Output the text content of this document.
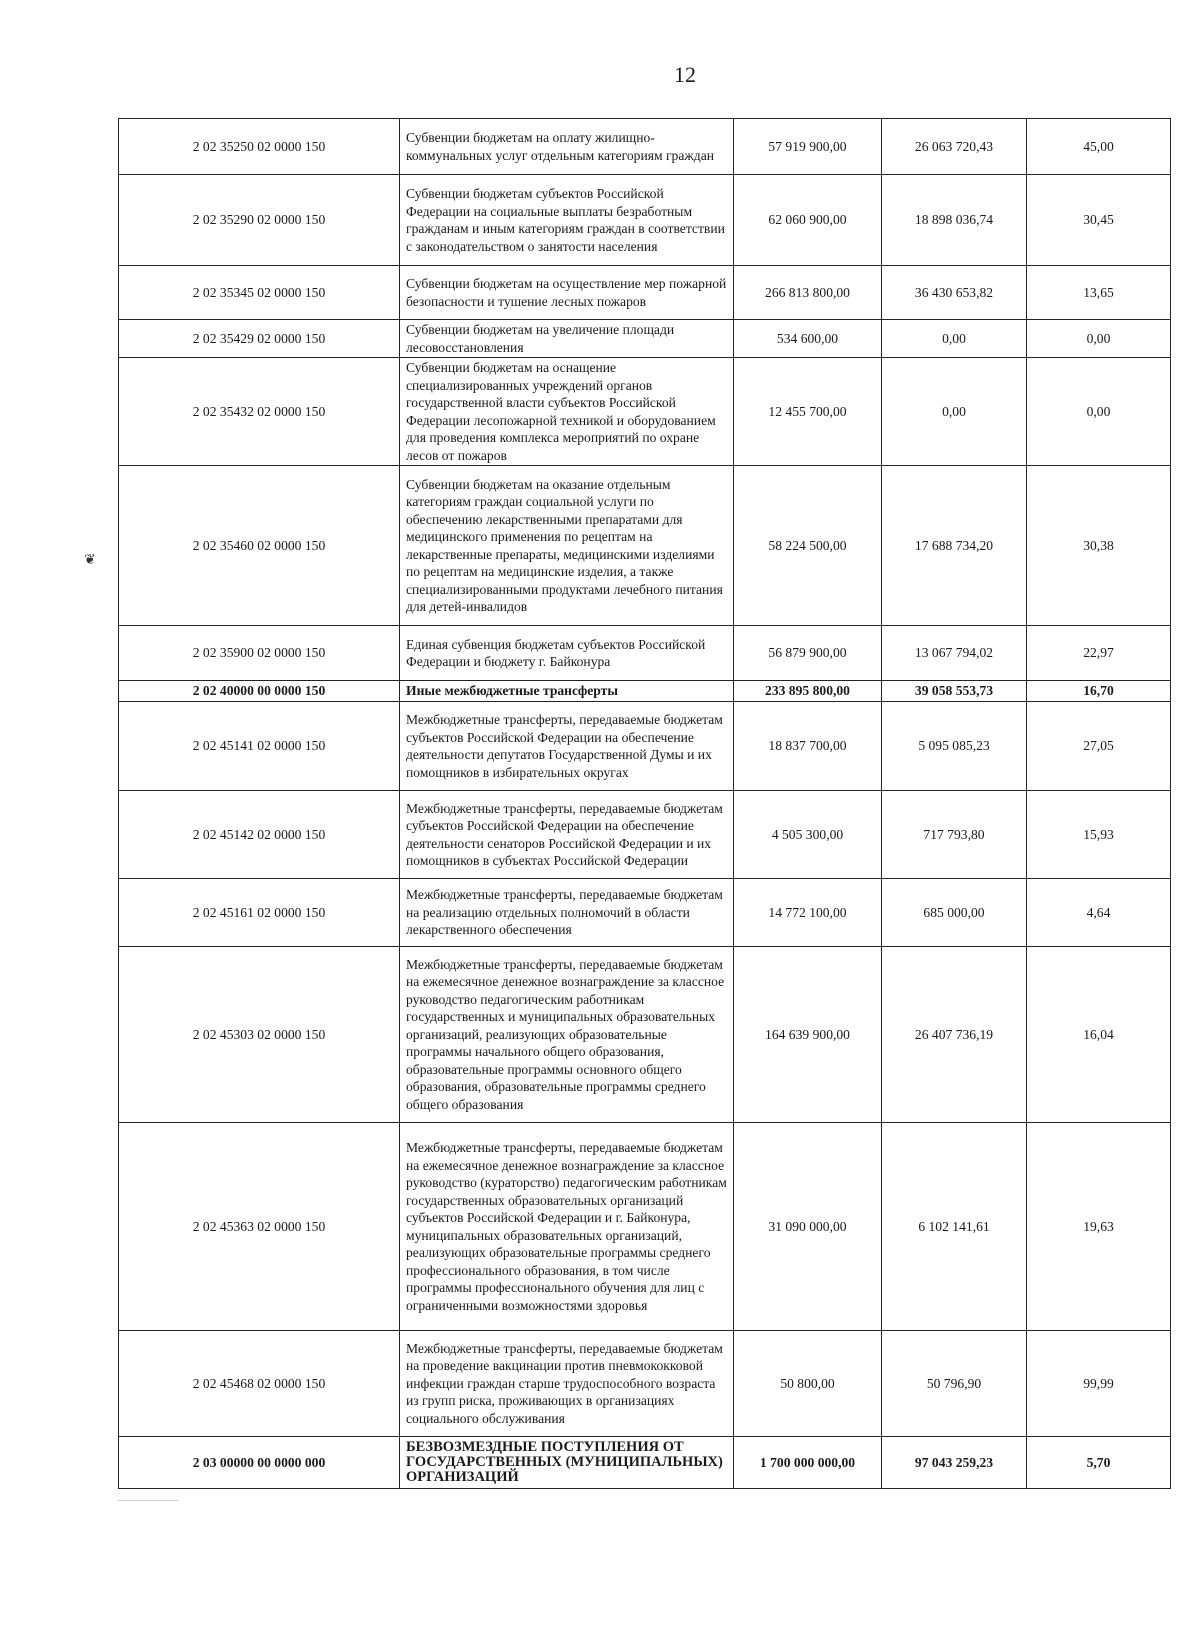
12
❦
2 02 35250 02 0000 150	Субвенции бюджетам на оплату жилищно-коммунальных услуг отдельным категориям граждан	57 919 900,00	26 063 720,43	45,00
2 02 35290 02 0000 150	Субвенции бюджетам субъектов Российской Федерации на социальные выплаты безработным гражданам и иным категориям граждан в соответствии с законодательством о занятости населения	62 060 900,00	18 898 036,74	30,45
2 02 35345 02 0000 150	Субвенции бюджетам на осуществление мер пожарной безопасности и тушение лесных пожаров	266 813 800,00	36 430 653,82	13,65
2 02 35429 02 0000 150	Субвенции бюджетам на увеличение площади лесовосстановления	534 600,00	0,00	0,00
2 02 35432 02 0000 150	Субвенции бюджетам на оснащение специализированных учреждений органов государственной власти субъектов Российской Федерации лесопожарной техникой и оборудованием для проведения комплекса мероприятий по охране лесов от пожаров	12 455 700,00	0,00	0,00
2 02 35460 02 0000 150	Субвенции бюджетам на оказание отдельным категориям граждан социальной услуги по обеспечению лекарственными препаратами для медицинского применения по рецептам на лекарственные препараты, медицинскими изделиями по рецептам на медицинские изделия, а также специализированными продуктами лечебного питания для детей-инвалидов	58 224 500,00	17 688 734,20	30,38
2 02 35900 02 0000 150	Единая субвенция бюджетам субъектов Российской Федерации и бюджету г. Байконура	56 879 900,00	13 067 794,02	22,97
2 02 40000 00 0000 150	Иные межбюджетные трансферты	233 895 800,00	39 058 553,73	16,70
2 02 45141 02 0000 150	Межбюджетные трансферты, передаваемые бюджетам субъектов Российской Федерации на обеспечение деятельности депутатов Государственной Думы и их помощников в избирательных округах	18 837 700,00	5 095 085,23	27,05
2 02 45142 02 0000 150	Межбюджетные трансферты, передаваемые бюджетам субъектов Российской Федерации на обеспечение деятельности сенаторов Российской Федерации и их помощников в субъектах Российской Федерации	4 505 300,00	717 793,80	15,93
2 02 45161 02 0000 150	Межбюджетные трансферты, передаваемые бюджетам на реализацию отдельных полномочий в области лекарственного обеспечения	14 772 100,00	685 000,00	4,64
2 02 45303 02 0000 150	Межбюджетные трансферты, передаваемые бюджетам на ежемесячное денежное вознаграждение за классное руководство педагогическим работникам государственных и муниципальных образовательных организаций, реализующих образовательные программы начального общего образования, образовательные программы основного общего образования, образовательные программы среднего общего образования	164 639 900,00	26 407 736,19	16,04
2 02 45363 02 0000 150	Межбюджетные трансферты, передаваемые бюджетам на ежемесячное денежное вознаграждение за классное руководство (кураторство) педагогическим работникам государственных образовательных организаций субъектов Российской Федерации и г. Байконура, муниципальных образовательных организаций, реализующих образовательные программы среднего профессионального образования, в том числе программы профессионального обучения для лиц с ограниченными возможностями здоровья	31 090 000,00	6 102 141,61	19,63
2 02 45468 02 0000 150	Межбюджетные трансферты, передаваемые бюджетам на проведение вакцинации против пневмококковой инфекции граждан старше трудоспособного возраста из групп риска, проживающих в организациях социального обслуживания	50 800,00	50 796,90	99,99
2 03 00000 00 0000 000	БЕЗВОЗМЕЗДНЫЕ ПОСТУПЛЕНИЯ ОТ ГОСУДАРСТВЕННЫХ (МУНИЦИПАЛЬНЫХ) ОРГАНИЗАЦИЙ	1 700 000 000,00	97 043 259,23	5,70
